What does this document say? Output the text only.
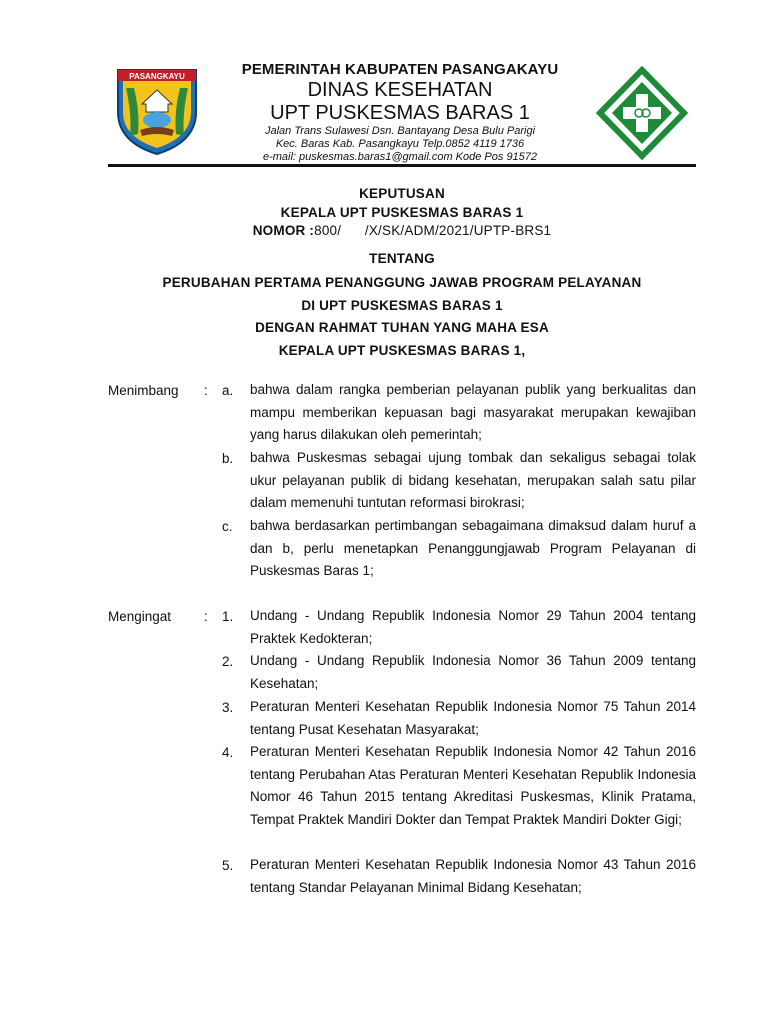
PASANGKAYU	PEMERINTAH KABUPATEN PASANGAKAYU
DINAS KESEHATAN
UPT PUSKESMAS BARAS 1
Jalan Trans Sulawesi Dsn. Bantayang Desa Bulu Parigi
Kec. Baras Kab. Pasangkayu Telp.0852 4119 1736
e-mail: puskesmas.baras1@gmail.com Kode Pos 91572
KEPUTUSAN
KEPALA UPT PUSKESMAS BARAS 1
NOMOR :800/      /X/SK/ADM/2021/UPTP-BRS1
TENTANG
PERUBAHAN PERTAMA PENANGGUNG JAWAB PROGRAM PELAYANAN
DI UPT PUSKESMAS BARAS 1
DENGAN RAHMAT TUHAN YANG MAHA ESA
KEPALA UPT PUSKESMAS BARAS 1,
Menimbang : a. bahwa dalam rangka pemberian pelayanan publik yang berkualitas dan mampu memberikan kepuasan bagi masyarakat merupakan kewajiban yang harus dilakukan oleh pemerintah;
b. bahwa Puskesmas sebagai ujung tombak dan sekaligus sebagai tolak ukur pelayanan publik di bidang kesehatan, merupakan salah satu pilar dalam memenuhi tuntutan reformasi birokrasi;
c. bahwa berdasarkan pertimbangan sebagaimana dimaksud dalam huruf a dan b, perlu menetapkan Penanggungjawab Program Pelayanan di Puskesmas Baras 1;
Mengingat : 1. Undang - Undang Republik Indonesia Nomor 29 Tahun 2004 tentang Praktek Kedokteran;
2. Undang - Undang Republik Indonesia Nomor 36 Tahun 2009 tentang Kesehatan;
3. Peraturan Menteri Kesehatan Republik Indonesia Nomor 75 Tahun 2014 tentang Pusat Kesehatan Masyarakat;
4. Peraturan Menteri Kesehatan Republik Indonesia Nomor 42 Tahun 2016 tentang Perubahan Atas Peraturan Menteri Kesehatan Republik Indonesia Nomor 46 Tahun 2015 tentang Akreditasi Puskesmas, Klinik Pratama, Tempat Praktek Mandiri Dokter dan Tempat Praktek Mandiri Dokter Gigi;
5. Peraturan Menteri Kesehatan Republik Indonesia Nomor 43 Tahun 2016 tentang Standar Pelayanan Minimal Bidang Kesehatan;
